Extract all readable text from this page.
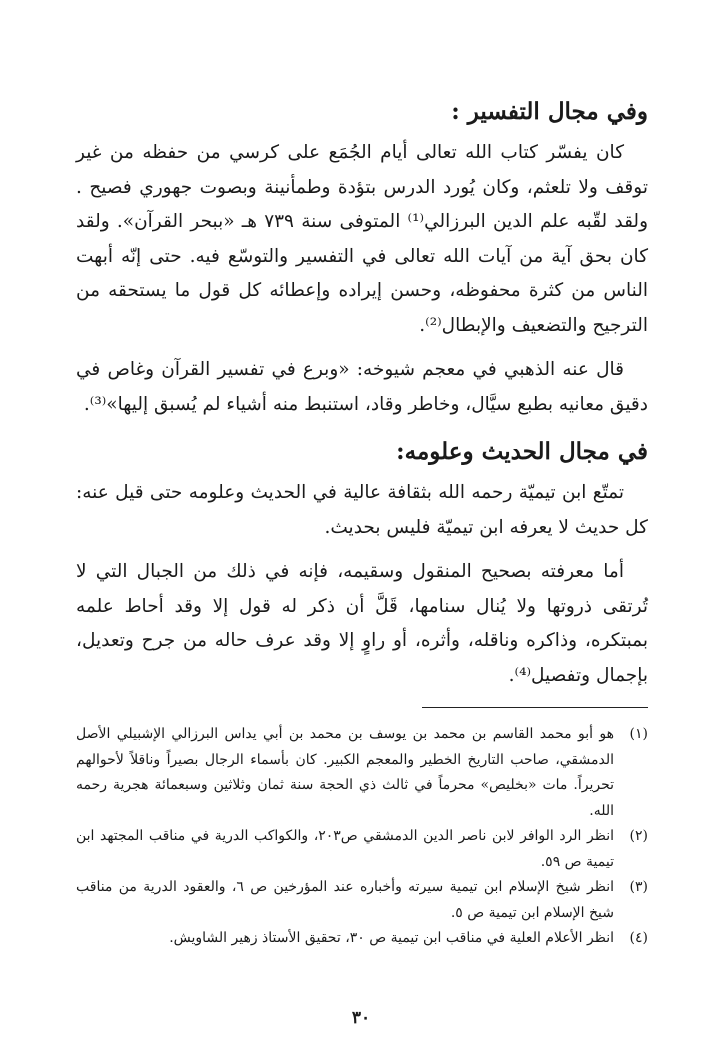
وفي مجال التفسير :

كان يفسّر كتاب الله تعالى أيام الجُمَع على كرسي من حفظه من غير توقف ولا تلعثم، وكان يُورد الدرس بتؤدة وطمأنينة وبصوت جهوري فصيح . ولقد لقّبه علم الدين البرزالي⁽¹⁾ المتوفى سنة ٧٣٩ هـ «ببحر القرآن». ولقد كان بحق آية من آيات الله تعالى في التفسير والتوسّع فيه. حتى إنّه أبهت الناس من كثرة محفوظه، وحسن إيراده وإعطائه كل قول ما يستحقه من الترجيح والتضعيف والإبطال⁽²⁾.

قال عنه الذهبي في معجم شيوخه: «وبرع في تفسير القرآن وغاص في دقيق معانيه بطبع سيَّال، وخاطر وقاد، استنبط منه أشياء لم يُسبق إليها»⁽³⁾.

في مجال الحديث وعلومه:

تمتّع ابن تيميّة رحمه الله بثقافة عالية في الحديث وعلومه حتى قيل عنه: كل حديث لا يعرفه ابن تيميّة فليس بحديث.

أما معرفته بصحيح المنقول وسقيمه، فإنه في ذلك من الجبال التي لا تُرتقى ذروتها ولا يُنال سنامها، قَلَّ أن ذكر له قول إلا وقد أحاط علمه بمبتكره، وذاكره وناقله، وأثره، أو راوٍ إلا وقد عرف حاله من جرح وتعديل، بإجمال وتفصيل⁽⁴⁾.

(١)
هو أبو محمد القاسم بن محمد بن يوسف بن محمد بن أبي يداس البرزالي الإشبيلي الأصل الدمشقي، صاحب التاريخ الخطير والمعجم الكبير. كان بأسماء الرجال بصيراً وناقلاً لأحوالهم تحريراً. مات «بخليص» محرماً في ثالث ذي الحجة سنة ثمان وثلاثين وسبعمائة هجرية رحمه الله.
(٢)
انظر الرد الوافر لابن ناصر الدين الدمشقي ص٢٠٣، والكواكب الدرية في مناقب المجتهد ابن تيمية ص ٥٩.
(٣)
انظر شيخ الإسلام ابن تيمية سيرته وأخباره عند المؤرخين ص ٦، والعقود الدرية من مناقب شيخ الإسلام ابن تيمية ص ٥.
(٤)
انظر الأعلام العلية في مناقب ابن تيمية ص ٣٠، تحقيق الأستاذ زهير الشاويش.
٣٠
